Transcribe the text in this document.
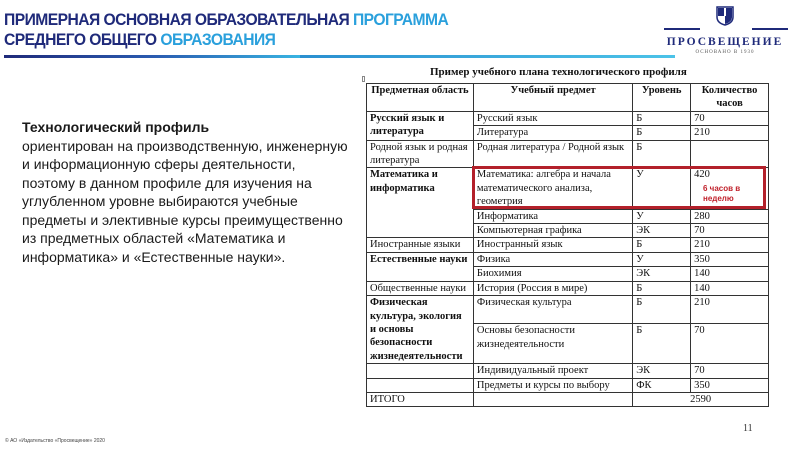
ПРИМЕРНАЯ ОСНОВНАЯ ОБРАЗОВАТЕЛЬНАЯ ПРОГРАММА
СРЕДНЕГО ОБЩЕГО ОБРАЗОВАНИЯ	ПРОСВЕЩЕНИЕ
ОСНОВАНО В 1930
Технологический профиль
ориентирован на производственную, инженерную и информационную сферы деятельности, поэтому в данном профиле для изучения на углубленном уровне выбираются учебные предметы и элективные курсы преимущественно из предметных областей «Математика и информатика» и «Естественные науки».
Пример учебного плана технологического профиля
Предметная область	Учебный предмет	Уровень	Количество часов
Русский язык и литература	Русский язык	Б	70
	Литература	Б	210
Родной язык и родная литература	Родная литература / Родной язык	Б	
Математика и информатика	Математика: алгебра и начала математического анализа, геометрия	У	420
	Информатика	У	280
	Компьютерная графика	ЭК	70
Иностранные языки	Иностранный язык	Б	210
Естественные науки	Физика	У	350
	Биохимия	ЭК	140
Общественные науки	История (Россия в мире)	Б	140
Физическая культура, экология и основы безопасности жизнедеятельности	Физическая культура	Б	210
	Основы безопасности жизнедеятельности	Б	70
	Индивидуальный проект	ЭК	70
	Предметы и курсы по выбору	ФК	350
ИТОГО		2590	
6 часов в неделю
11
© АО «Издательство «Просвещение» 2020
